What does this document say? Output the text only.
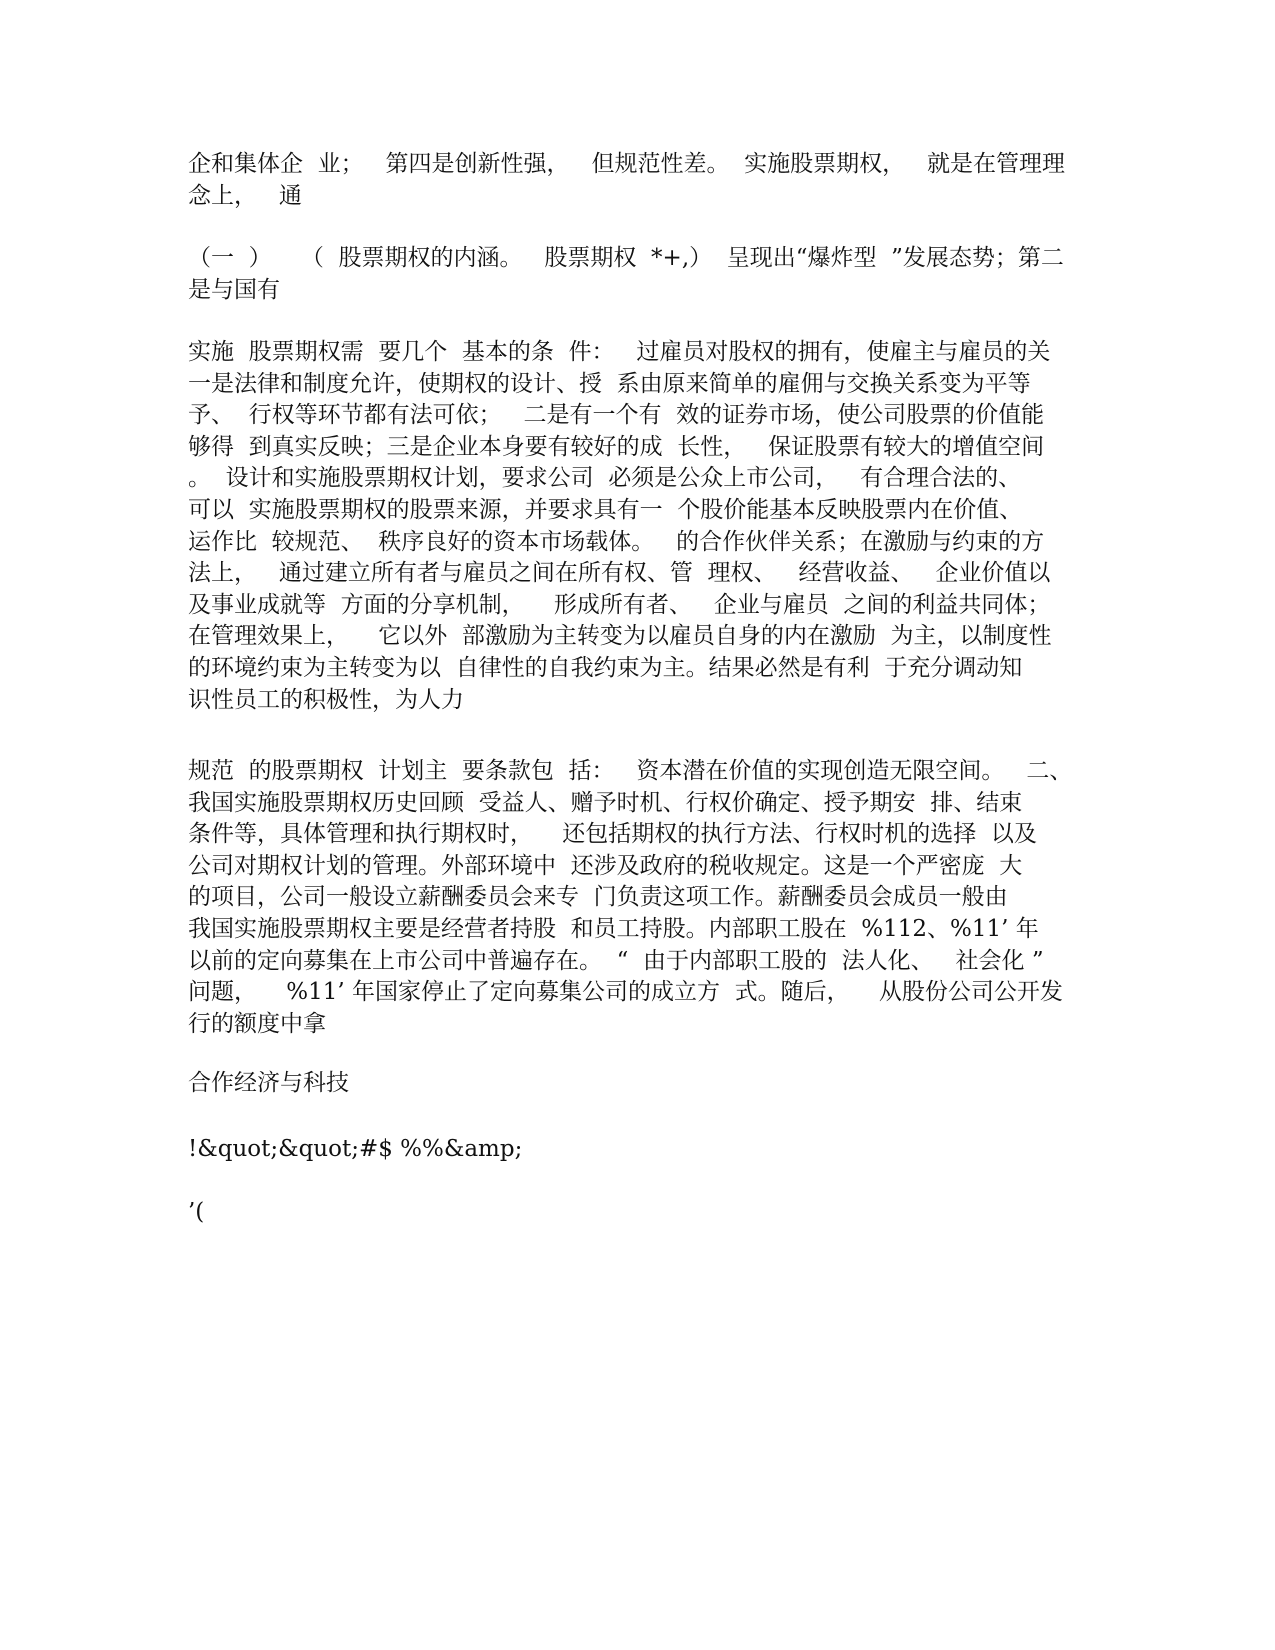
企和集体企  业；   第四是创新性强，   但规范性差。  实施股票期权，   就是在管理理
念上，   通
（一  ）    （  股票期权的内涵。   股票期权  *+,）  呈现出“爆炸型  ”发展态势；第二
是与国有
实施  股票期权需  要几个  基本的条  件：   过雇员对股权的拥有，使雇主与雇员的关
一是法律和制度允许，使期权的设计、授  系由原来简单的雇佣与交换关系变为平等
予、  行权等环节都有法可依；   二是有一个有  效的证券市场，使公司股票的价值能
够得  到真实反映；三是企业本身要有较好的成  长性，   保证股票有较大的增值空间
。  设计和实施股票期权计划，要求公司  必须是公众上市公司，   有合理合法的、
可以  实施股票期权的股票来源，并要求具有一  个股价能基本反映股票内在价值、
运作比  较规范、  秩序良好的资本市场载体。   的合作伙伴关系；在激励与约束的方
法上，   通过建立所有者与雇员之间在所有权、管  理权、   经营收益、   企业价值以
及事业成就等  方面的分享机制，    形成所有者、   企业与雇员  之间的利益共同体；
在管理效果上，    它以外  部激励为主转变为以雇员自身的内在激励  为主，以制度性
的环境约束为主转变为以  自律性的自我约束为主。结果必然是有利  于充分调动知
识性员工的积极性，为人力
规范  的股票期权  计划主  要条款包  括：   资本潜在价值的实现创造无限空间。   二、
我国实施股票期权历史回顾  受益人、赠予时机、行权价确定、授予期安  排、结束
条件等，具体管理和执行期权时，    还包括期权的执行方法、行权时机的选择  以及
公司对期权计划的管理。外部环境中  还涉及政府的税收规定。这是一个严密庞  大
的项目，公司一般设立薪酬委员会来专  门负责这项工作。薪酬委员会成员一般由
我国实施股票期权主要是经营者持股  和员工持股。内部职工股在  %112、%11’ 年
以前的定向募集在上市公司中普遍存在。  “  由于内部职工股的  法人化、   社会化 ”
问题，    %11’ 年国家停止了定向募集公司的成立方  式。随后，    从股份公司公开发
行的额度中拿
合作经济与科技
!&quot;&quot;#$ %%&amp;
’(
